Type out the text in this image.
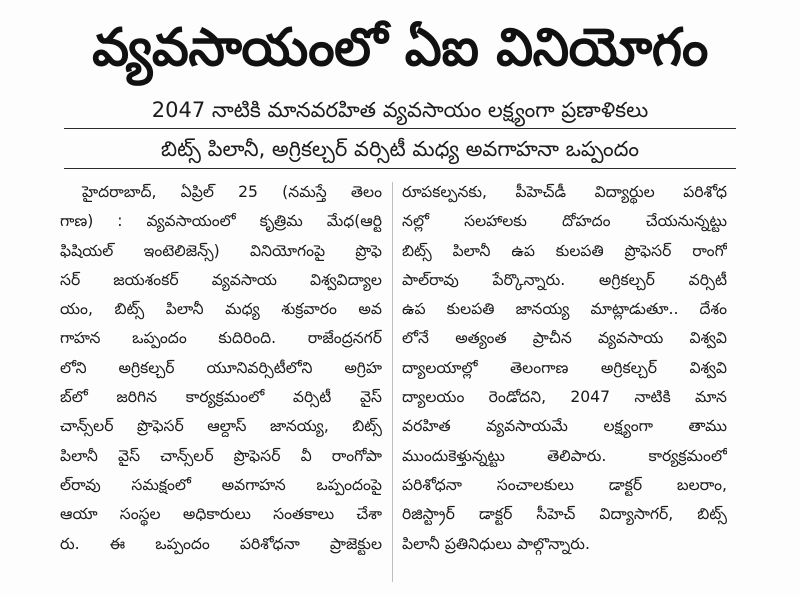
వ్యవసాయంలో ఏఐ వినియోగం

2047 నాటికి మానవరహిత వ్యవసాయం లక్ష్యంగా ప్రణాళికలు

బిట్స్ పిలానీ, అగ్రికల్చర్ వర్సిటీ మధ్య అవగాహనా ఒప్పందం

హైదరాబాద్, ఏప్రిల్ 25 (నమస్తే తెలం
గాణ) : వ్యవసాయంలో కృత్రిమ మేధ(ఆర్టి
ఫిషియల్ ఇంటెలిజెన్స్) వినియోగంపై ప్రొఫె
సర్ జయశంకర్ వ్యవసాయ విశ్వవిద్యాల
యం, బిట్స్ పిలానీ మధ్య శుక్రవారం అవ
గాహన ఒప్పందం కుదిరింది. రాజేంద్రనగర్
లోని అగ్రికల్చర్ యూనివర్సిటీలోని అగ్రిహ
బ్‌లో జరిగిన కార్యక్రమంలో వర్సిటీ వైస్
చాన్స్‌లర్ ప్రొఫెసర్ ఆల్దాస్ జానయ్య, బిట్స్
పిలానీ వైస్ చాన్స్‌లర్ ప్రొఫెసర్ వీ రాంగోపా
ల్‌రావు సమక్షంలో అవగాహన ఒప్పందంపై
ఆయా సంస్థల అధికారులు సంతకాలు చేశా
రు. ఈ ఒప్పందం పరిశోధనా ప్రాజెక్టుల
రూపకల్పనకు, పీహెచ్‌డీ విద్యార్థుల పరిశోధ
నల్లో సలహాలకు దోహదం చేయనున్నట్టు
బిట్స్ పిలానీ ఉప కులపతి ప్రొఫెసర్ రాంగో
పాల్‌రావు పేర్కొన్నారు. అగ్రికల్చర్ వర్సిటీ
ఉప కులపతి జానయ్య మాట్లాడుతూ.. దేశం
లోనే అత్యంత ప్రాచీన వ్యవసాయ విశ్వవి
ద్యాలయాల్లో తెలంగాణ అగ్రికల్చర్ విశ్వవి
ద్యాలయం రెండోదని, 2047 నాటికి మాన
వరహిత వ్యవసాయమే లక్ష్యంగా తాము
ముందుకెళ్తున్నట్టు తెలిపారు. కార్యక్రమంలో
పరిశోధనా సంచాలకులు డాక్టర్ బలరాం,
రిజిస్ట్రార్ డాక్టర్ సీహెచ్ విద్యాసాగర్, బిట్స్
పిలానీ ప్రతినిధులు పాల్గొన్నారు.
